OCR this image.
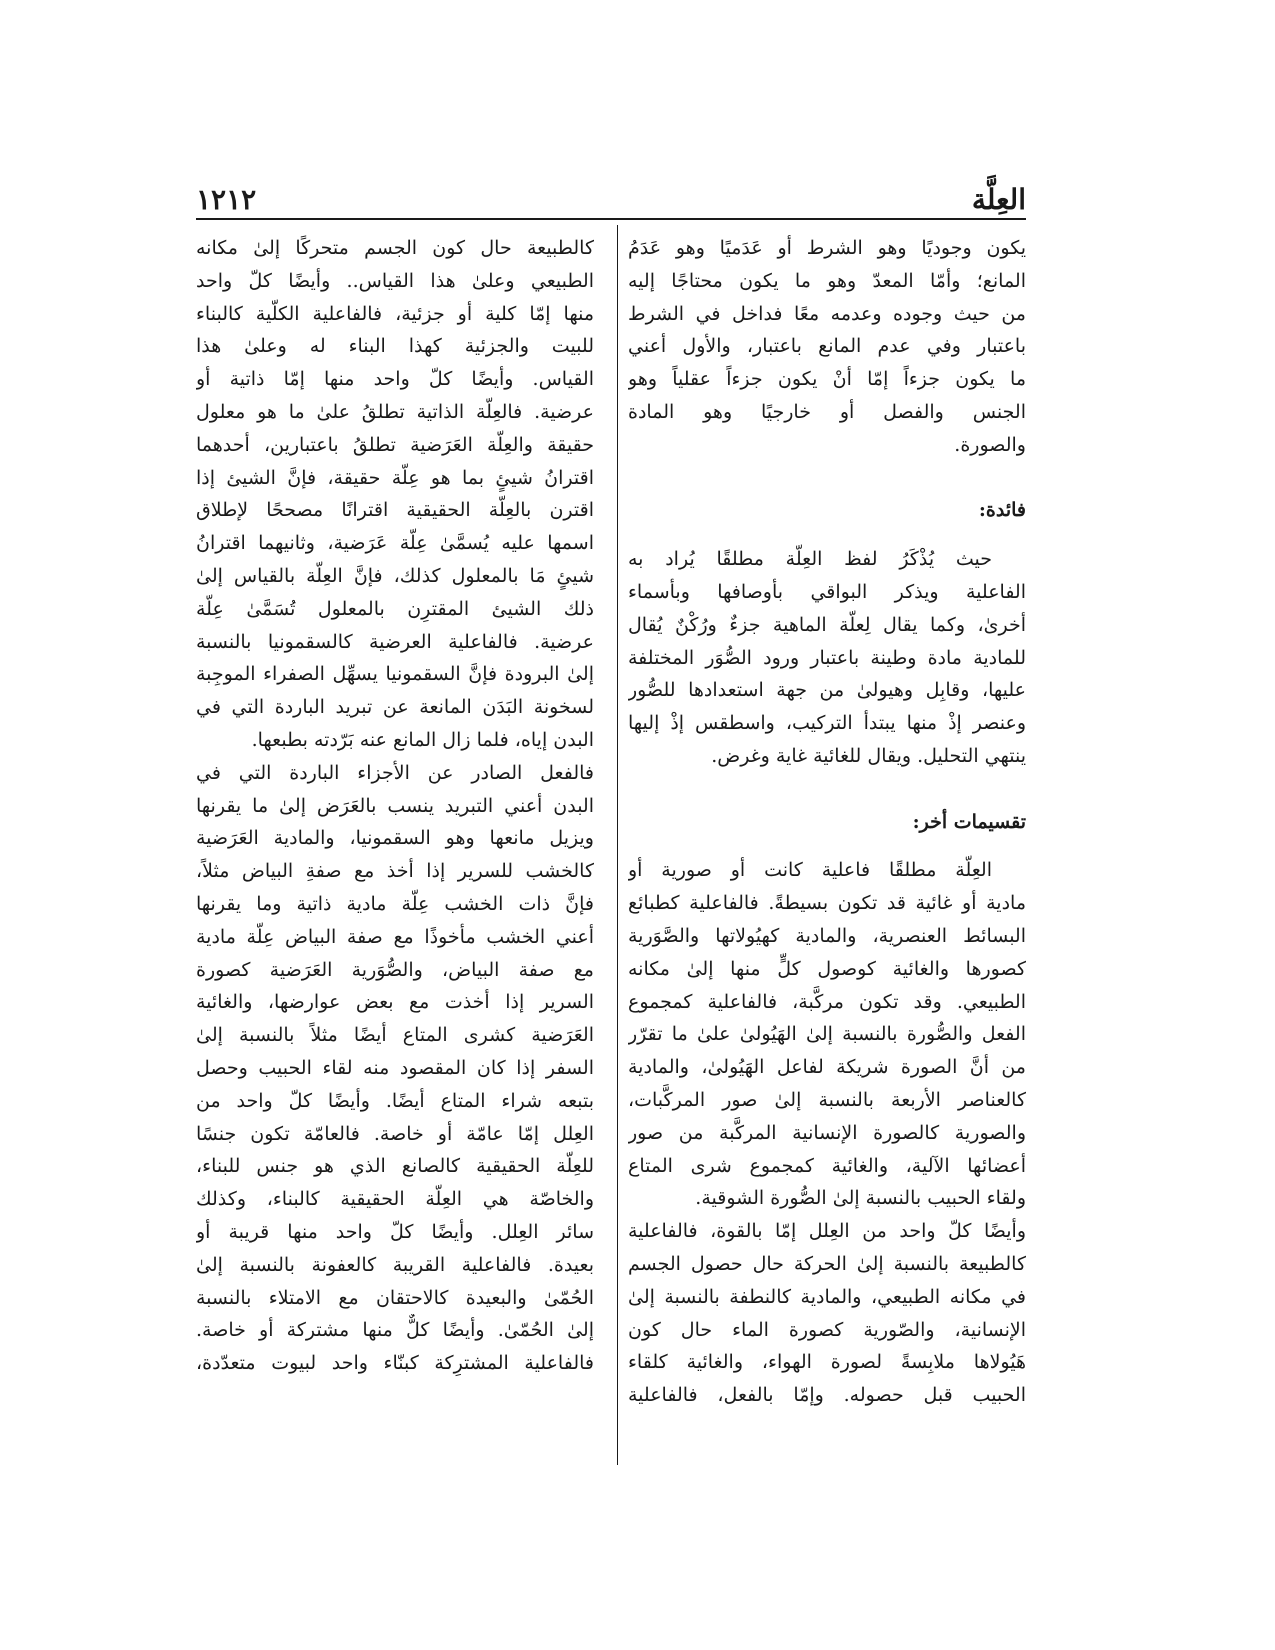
العِلَّة
١٢١٢
يكون وجوديًا وهو الشرط أو عَدَميًا وهو عَدَمُ
المانع؛ وأمّا المعدّ وهو ما يكون محتاجًا إليه
من حيث وجوده وعدمه معًا فداخل في الشرط
باعتبار وفي عدم المانع باعتبار، والأول أعني
ما يكون جزءاً إمّا أنْ يكون جزءاً عقلياً وهو
الجنس والفصل أو خارجيًا وهو المادة
والصورة.
فائدة:
حيث يُذْكَرُ لفظ العِلّة مطلقًا يُراد به
الفاعلية ويذكر البواقي بأوصافها وبأسماء
أخرىٰ، وكما يقال لِعلّة الماهية جزءٌ ورُكْنٌ يُقال
للمادية مادة وطينة باعتبار ورود الصُّوَر المختلفة
عليها، وقابِل وهيولىٰ من جهة استعدادها للصُّور
وعنصر إذْ منها يبتدأ التركيب، واسطقس إذْ إليها
ينتهي التحليل. ويقال للغائية غاية وغرض.
تقسيمات أخر:
العِلّة مطلقًا فاعلية كانت أو صورية أو
مادية أو غائية قد تكون بسيطةً. فالفاعلية كطبائع
البسائط العنصرية، والمادية كهيُولاتها والصَّوَرية
كصورها والغائية كوصول كلٍّ منها إلىٰ مكانه
الطبيعي. وقد تكون مركَّبة، فالفاعلية كمجموع
الفعل والصُّورة بالنسبة إلىٰ الهَيُولىٰ علىٰ ما تقرّر
من أنَّ الصورة شريكة لفاعل الهَيُولىٰ، والمادية
كالعناصر الأربعة بالنسبة إلىٰ صور المركَّبات،
والصورية كالصورة الإنسانية المركَّبة من صور
أعضائها الآلية، والغائية كمجموع شرى المتاع
ولقاء الحبيب بالنسبة إلىٰ الصُّورة الشوقية.
وأيضًا كلّ واحد من العِلل إمّا بالقوة، فالفاعلية
كالطبيعة بالنسبة إلىٰ الحركة حال حصول الجسم
في مكانه الطبيعي، والمادية كالنطفة بالنسبة إلىٰ
الإنسانية، والصّورية كصورة الماء حال كون
هَيُولاها ملابِسةً لصورة الهواء، والغائية كلقاء
الحبيب قبل حصوله. وإمّا بالفعل، فالفاعلية
كالطبيعة حال كون الجسم متحركًا إلىٰ مكانه
الطبيعي وعلىٰ هذا القياس.. وأيضًا كلّ واحد
منها إمّا كلية أو جزئية، فالفاعلية الكلّية كالبناء
للبيت والجزئية كهذا البناء له وعلىٰ هذا
القياس. وأيضًا كلّ واحد منها إمّا ذاتية أو
عرضية. فالعِلّة الذاتية تطلقُ علىٰ ما هو معلول
حقيقة والعِلّة العَرَضية تطلقُ باعتبارين، أحدهما
اقترانُ شيئٍ بما هو عِلّة حقيقة، فإنَّ الشيئ إذا
اقترن بالعِلّة الحقيقية اقترانًا مصححًا لإطلاق
اسمها عليه يُسمَّىٰ عِلّة عَرَضية، وثانيهما اقترانُ
شيئٍ مَا بالمعلول كذلك، فإنَّ العِلّة بالقياس إلىٰ
ذلك الشيئ المقترِن بالمعلول تُسَمَّىٰ عِلّة
عرضية. فالفاعلية العرضية كالسقمونيا بالنسبة
إلىٰ البرودة فإنَّ السقمونيا يسهِّل الصفراء الموجِبة
لسخونة البَدَن المانعة عن تبريد الباردة التي في
البدن إياه، فلما زال المانع عنه بَرّدته بطبعها.
فالفعل الصادر عن الأجزاء الباردة التي في
البدن أعني التبريد ينسب بالعَرَض إلىٰ ما يقرنها
ويزيل مانعها وهو السقمونيا، والمادية العَرَضية
كالخشب للسرير إذا أخذ مع صفةِ البياض مثلاً،
فإنَّ ذات الخشب عِلّة مادية ذاتية وما يقرنها
أعني الخشب مأخوذًا مع صفة البياض عِلّة مادية
مع صفة البياض، والصُّوَرية العَرَضية كصورة
السرير إذا أخذت مع بعض عوارضها، والغائية
العَرَضية كشرى المتاع أيضًا مثلاً بالنسبة إلىٰ
السفر إذا كان المقصود منه لقاء الحبيب وحصل
بتبعه شراء المتاع أيضًا. وأيضًا كلّ واحد من
العِلل إمّا عامّة أو خاصة. فالعامّة تكون جنسًا
للعِلّة الحقيقية كالصانع الذي هو جنس للبناء،
والخاصّة هي العِلّة الحقيقية كالبناء، وكذلك
سائر العِلل. وأيضًا كلّ واحد منها قريبة أو
بعيدة. فالفاعلية القريبة كالعفونة بالنسبة إلىٰ
الحُمّىٰ والبعيدة كالاحتقان مع الامتلاء بالنسبة
إلىٰ الحُمّىٰ. وأيضًا كلٌّ منها مشتركة أو خاصة.
فالفاعلية المشترِكة كبنّاء واحد لبيوت متعدّدة،
